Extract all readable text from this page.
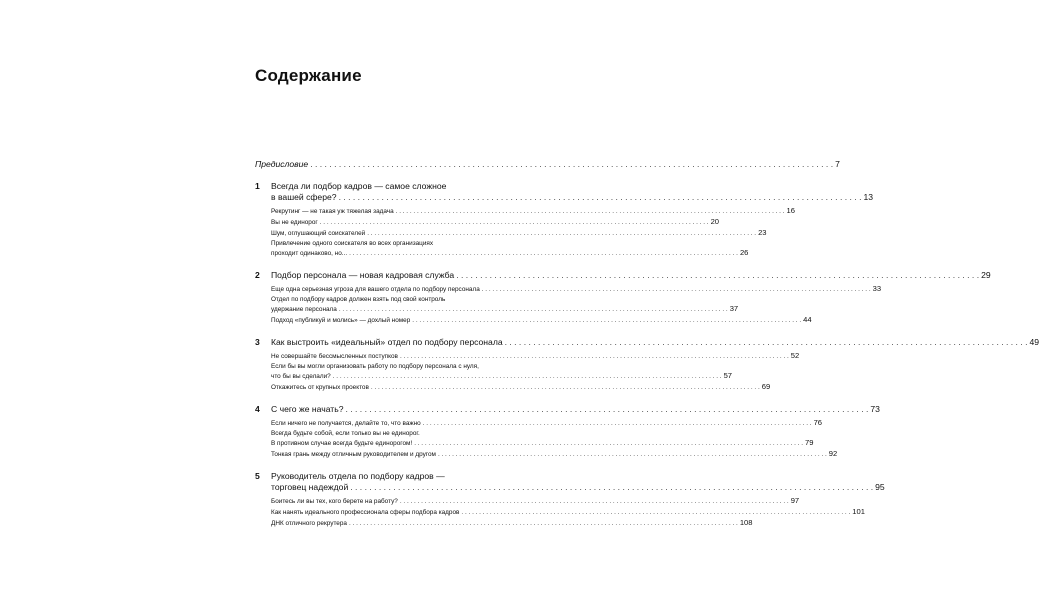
Содержание
Предисловие . . .	7
1	Всегда ли подбор кадров — самое сложное
в вашей сфере? . . .	13
Рекрутинг — не такая уж тяжелая задача . . .	16
Вы не единорог . . .	20
Шум, оглушающий соискателей . . .	23
Привлечение одного соискателя во всех организациях
проходит одинаково, но... . . .	26
2	Подбор персонала — новая кадровая служба . . .	29
Еще одна серьезная угроза для вашего отдела по подбору персонала . . .	33
Отдел по подбору кадров должен взять под свой контроль
удержание персонала . . .	37
Подход «публикуй и молись» — дохлый номер . . .	44
3	Как выстроить «идеальный» отдел по подбору персонала . . .	49
Не совершайте бессмысленных поступков . . .	52
Если бы вы могли организовать работу по подбору персонала с нуля,
что бы вы сделали? . . .	57
Откажитесь от крупных проектов . . .	69
4	С чего же начать? . . .	73
Если ничего не получается, делайте то, что важно . . .	76
Всегда будьте собой, если только вы не единорог.
В противном случае всегда будьте единорогом! . . .	79
Тонкая грань между отличным руководителем и другом . . .	92
5	Руководитель отдела по подбору кадров —
торговец надеждой . . .	95
Боитесь ли вы тех, кого берете на работу? . . .	97
Как нанять идеального профессионала сферы подбора кадров . . .	101
ДНК отличного рекрутера . . .	108
